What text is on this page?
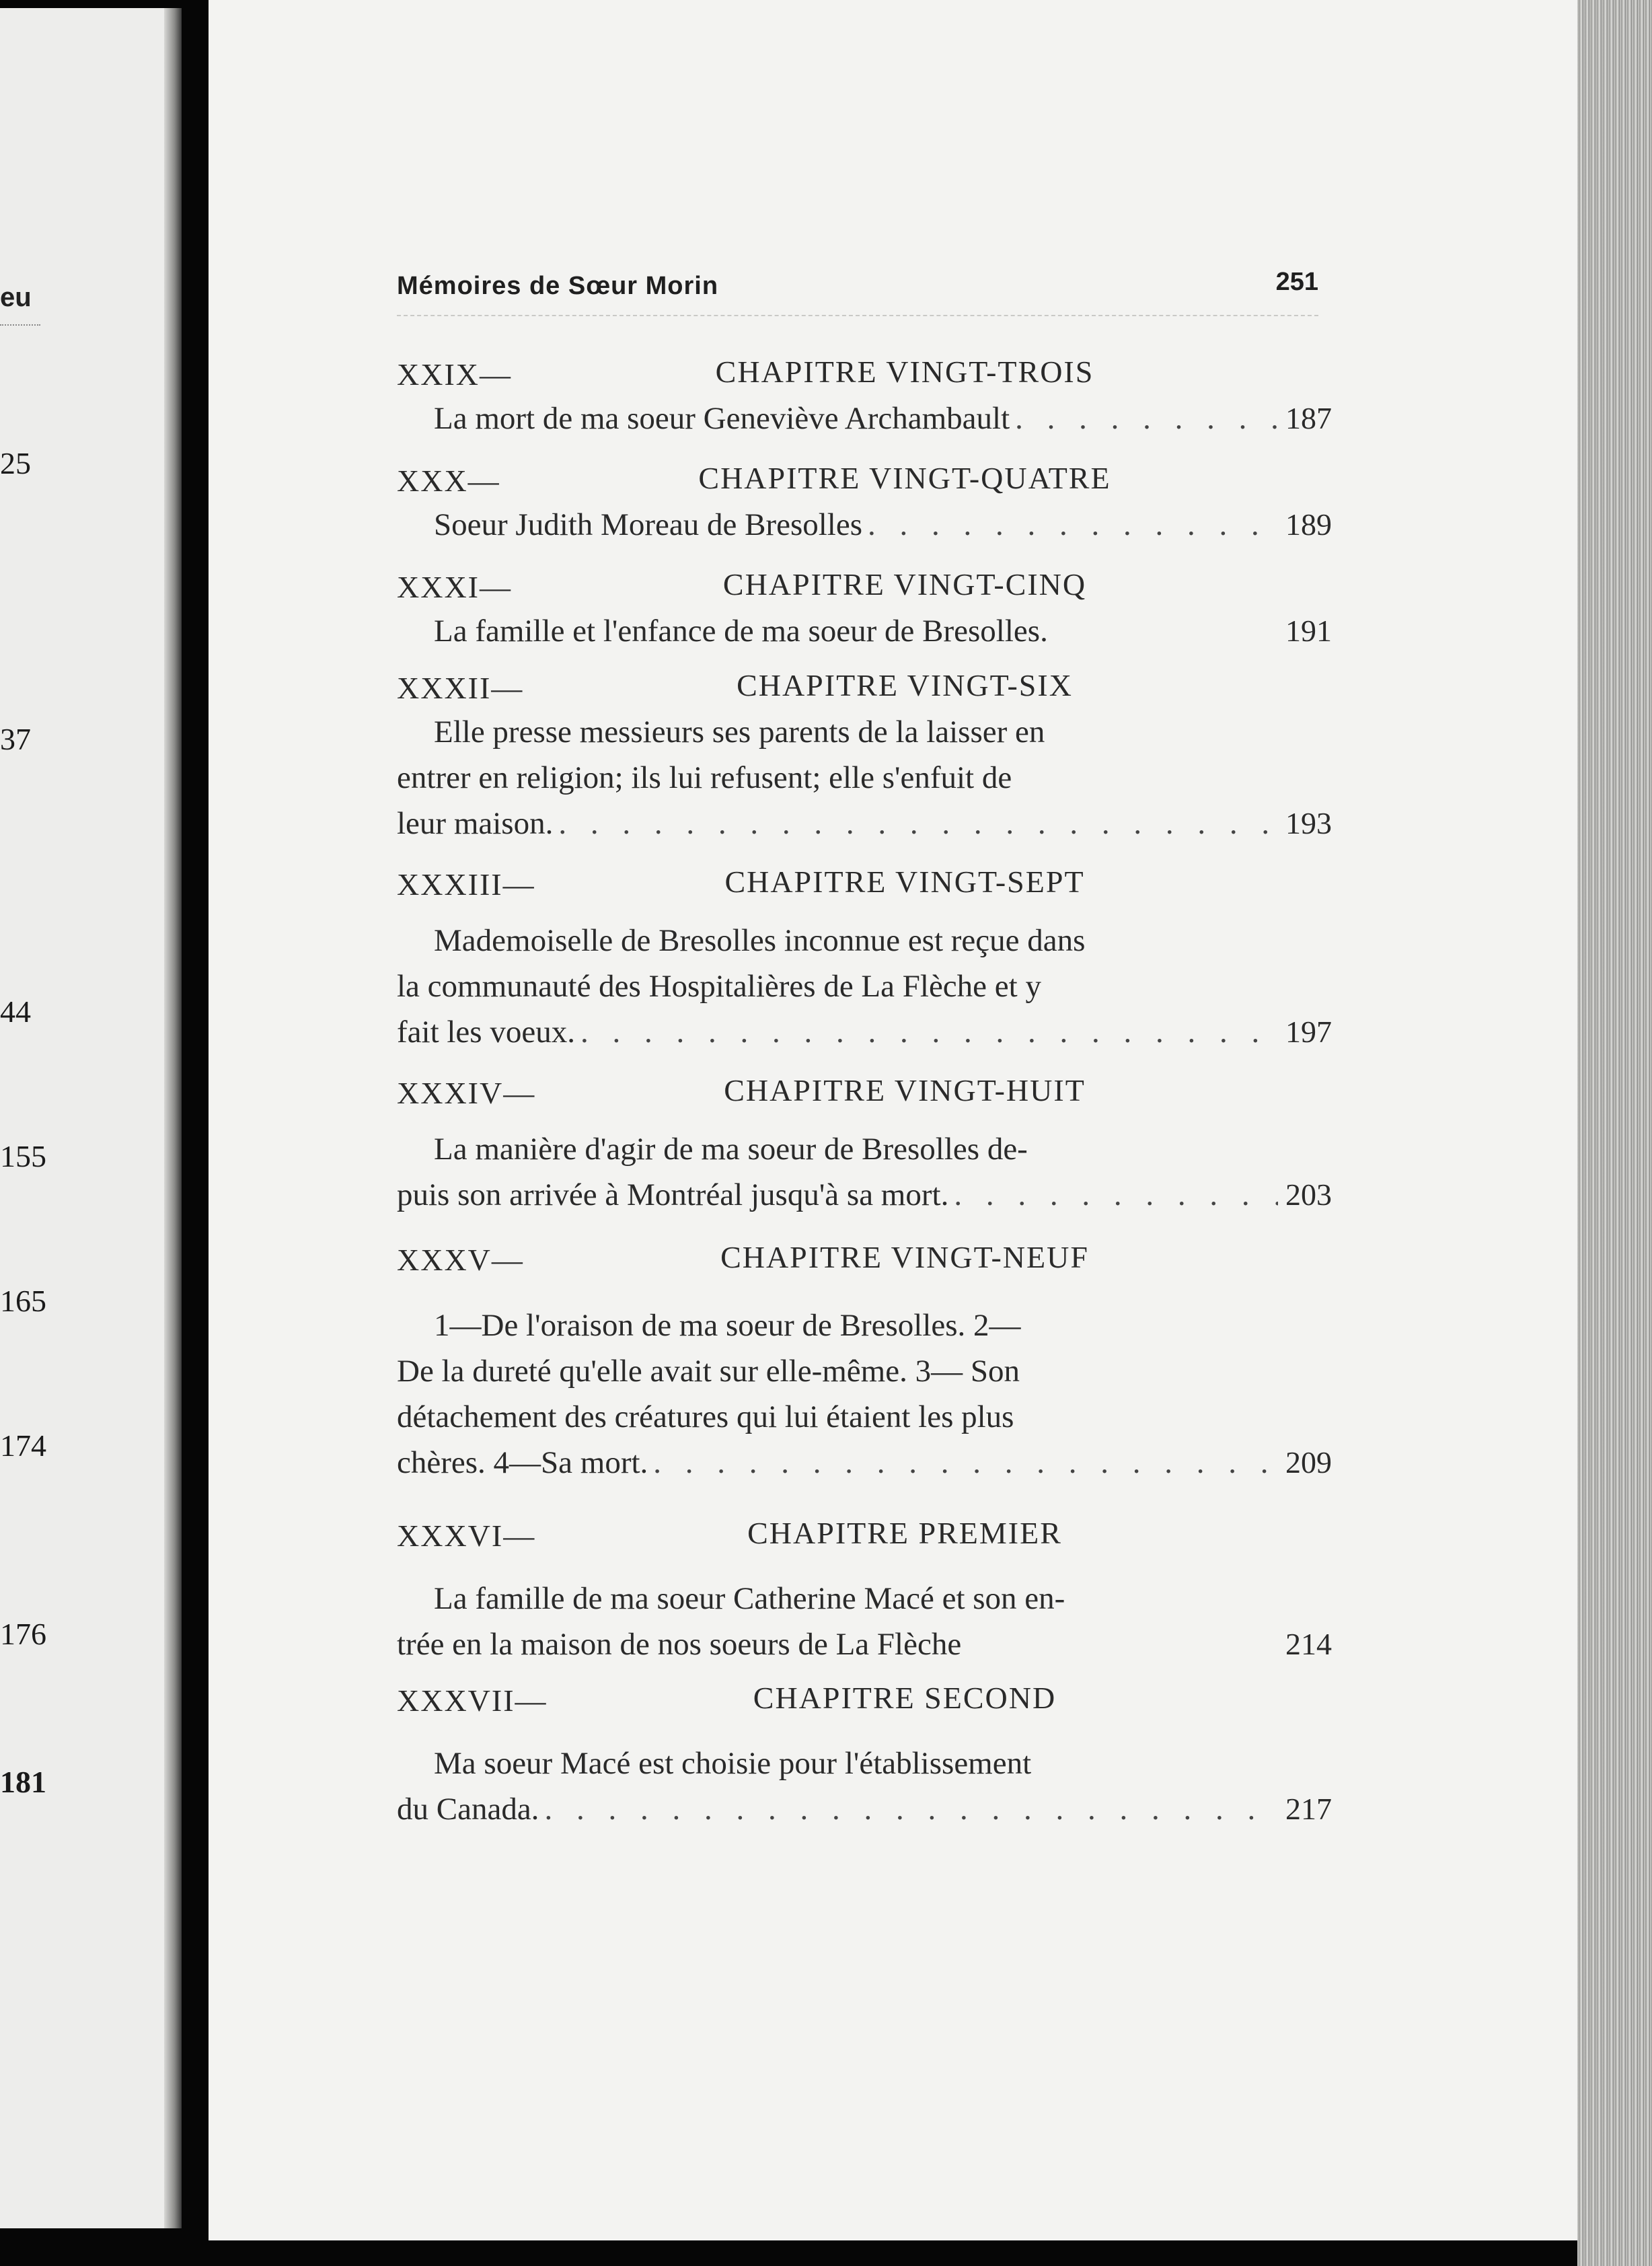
eu
25
37
44
155
165
174
176
181
Mémoires de Sœur Morin	251
XXIX—	CHAPITRE VINGT-TROIS
La mort de ma soeur Geneviève Archambault . . .	187
XXX—	CHAPITRE VINGT-QUATRE
Soeur Judith Moreau de Bresolles . . .	189
XXXI—	CHAPITRE VINGT-CINQ
La famille et l'enfance de ma soeur de Bresolles.	191
XXXII—	CHAPITRE VINGT-SIX
Elle presse messieurs ses parents de la laisser en
entrer en religion; ils lui refusent; elle s'enfuit de
leur maison. . . .	193
XXXIII—	CHAPITRE VINGT-SEPT
Mademoiselle de Bresolles inconnue est reçue dans
la communauté des Hospitalières de La Flèche et y
fait les voeux. . . .	197
XXXIV—	CHAPITRE VINGT-HUIT
La manière d'agir de ma soeur de Bresolles de-
puis son arrivée à Montréal jusqu'à sa mort. . . .	203
XXXV—	CHAPITRE VINGT-NEUF
1—De l'oraison de ma soeur de Bresolles. 2—
De la dureté qu'elle avait sur elle-même. 3— Son
détachement des créatures qui lui étaient les plus
chères. 4—Sa mort. . . .	209
XXXVI—	CHAPITRE PREMIER
La famille de ma soeur Catherine Macé et son en-
trée en la maison de nos soeurs de La Flèche	214
XXXVII—	CHAPITRE SECOND
Ma soeur Macé est choisie pour l'établissement
du Canada. . . .	217
